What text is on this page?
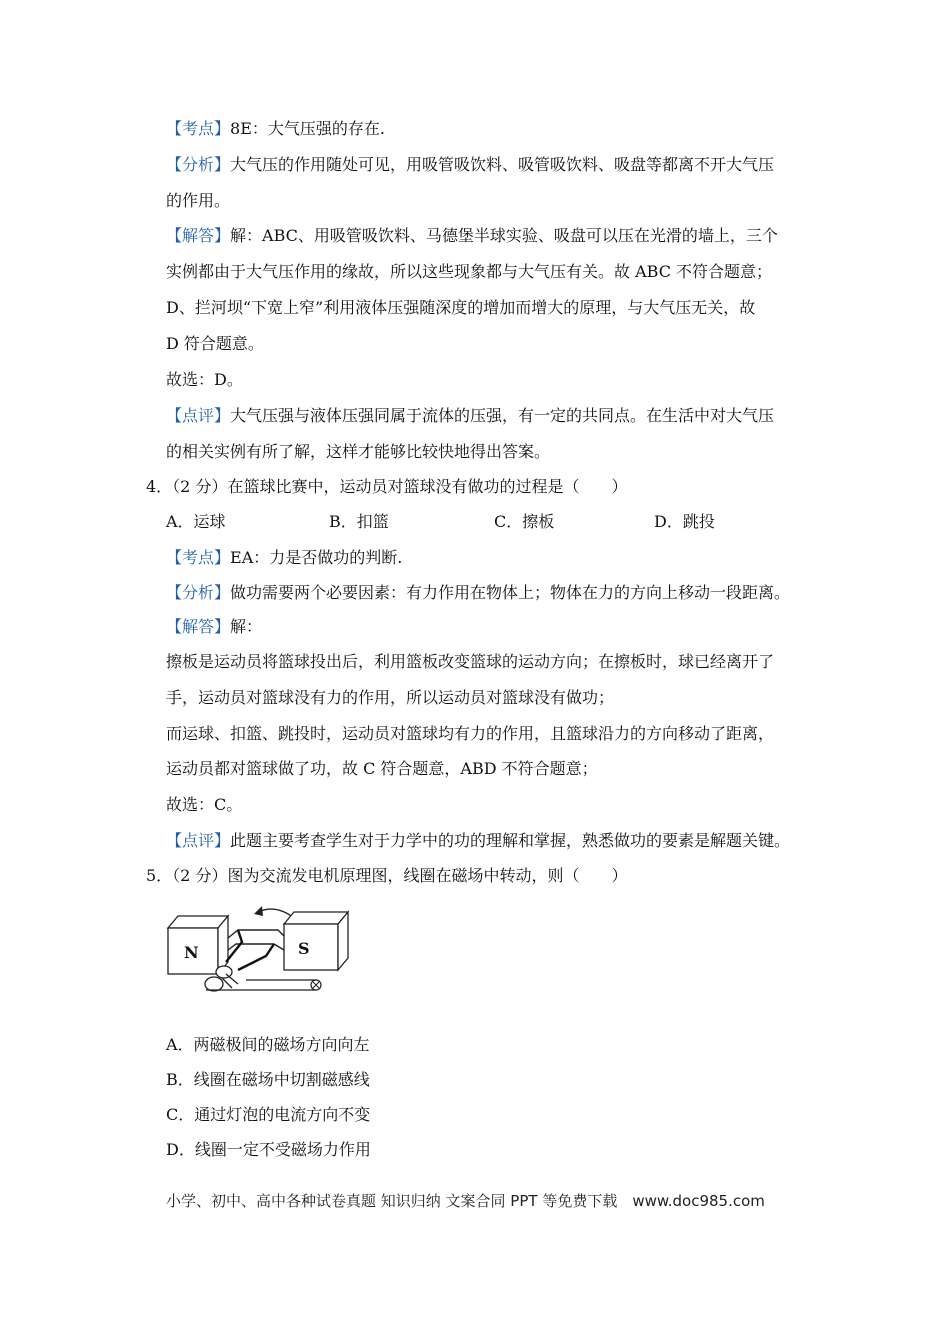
【考点】8E：大气压强的存在.
【分析】大气压的作用随处可见，用吸管吸饮料、吸管吸饮料、吸盘等都离不开大气压
的作用。
【解答】解：ABC、用吸管吸饮料、马德堡半球实验、吸盘可以压在光滑的墙上，三个
实例都由于大气压作用的缘故，所以这些现象都与大气压有关。故 ABC 不符合题意；
D、拦河坝“下宽上窄”利用液体压强随深度的增加而增大的原理，与大气压无关，故
D 符合题意。
故选：D。
【点评】大气压强与液体压强同属于流体的压强，有一定的共同点。在生活中对大气压
的相关实例有所了解，这样才能够比较快地得出答案。
4．（2 分）在篮球比赛中，运动员对篮球没有做功的过程是（　　）
A．运球	B．扣篮	C．擦板	D．跳投
【考点】EA：力是否做功的判断.
【分析】做功需要两个必要因素：有力作用在物体上；物体在力的方向上移动一段距离。
【解答】解：
擦板是运动员将篮球投出后，利用篮板改变篮球的运动方向；在擦板时，球已经离开了
手，运动员对篮球没有力的作用，所以运动员对篮球没有做功；
而运球、扣篮、跳投时，运动员对篮球均有力的作用，且篮球沿力的方向移动了距离，
运动员都对篮球做了功，故 C 符合题意，ABD 不符合题意；
故选：C。
【点评】此题主要考查学生对于力学中的功的理解和掌握，熟悉做功的要素是解题关键。
5．（2 分）图为交流发电机原理图，线圈在磁场中转动，则（　　）
N	S
A．两磁极间的磁场方向向左
B．线圈在磁场中切割磁感线
C．通过灯泡的电流方向不变
D．线圈一定不受磁场力作用
小学、初中、高中各种试卷真题 知识归纳 文案合同 PPT 等免费下载　www.doc985.com
